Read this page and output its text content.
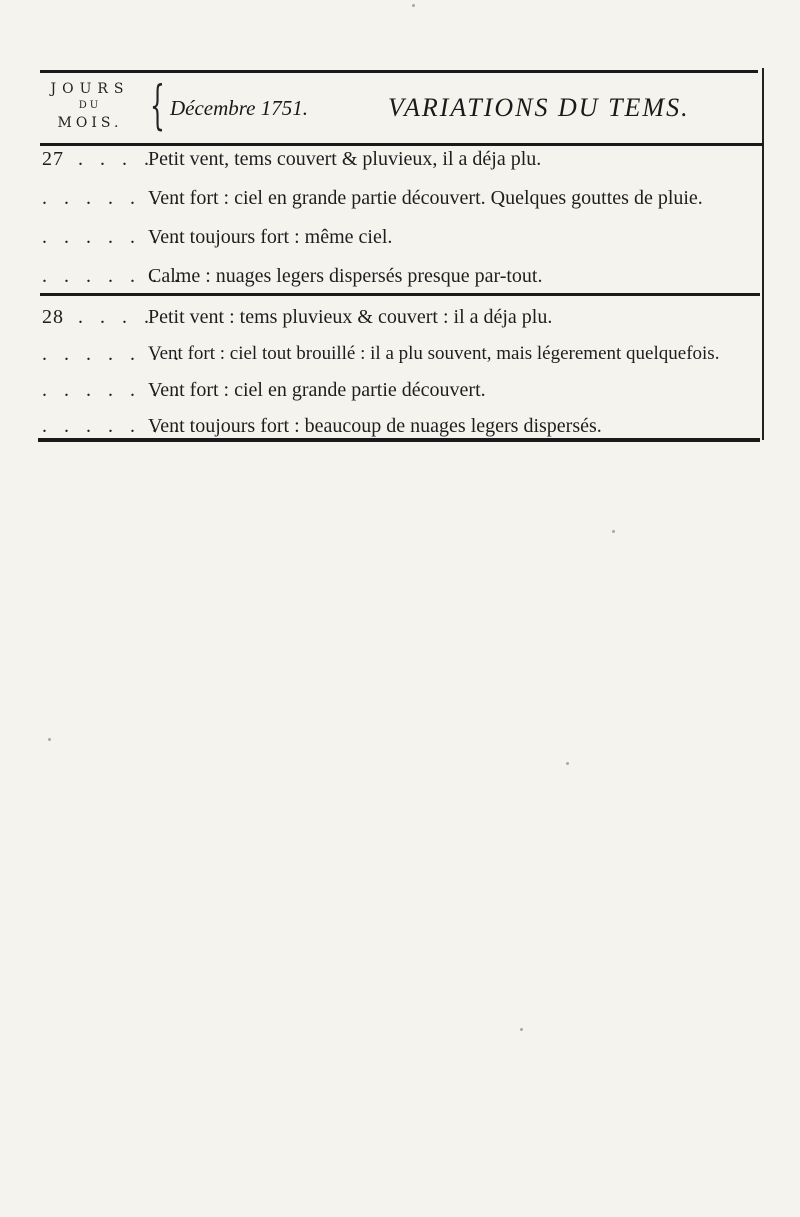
JOURS
DU
MOIS. { Décembre 1751.	VARIATIONS DU TEMS.
27 . . . .
Petit vent, tems couvert & pluvieux, il a déja plu.
. . . . . . .
Vent fort : ciel en grande partie découvert. Quelques gouttes de pluie.
. . . . . . .
Vent toujours fort : même ciel.
. . . . . . .
Calme : nuages legers dispersés presque par-tout.
28 . . . .
Petit vent : tems pluvieux & couvert : il a déja plu.
. . . . . . .
Vent fort : ciel tout brouillé : il a plu souvent, mais légerement quelquefois.
. . . . . . .
Vent fort : ciel en grande partie découvert.
. . . . . . .
Vent toujours fort : beaucoup de nuages legers dispersés.
